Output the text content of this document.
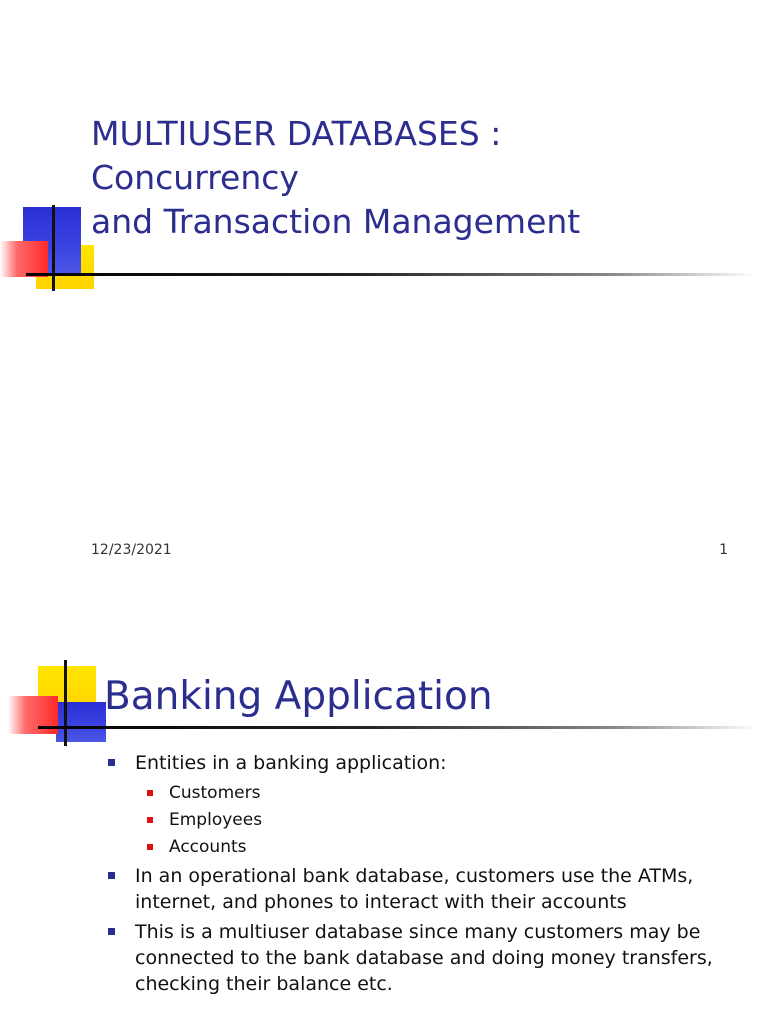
MULTIUSER DATABASES :
Concurrency
and Transaction Management
12/23/2021	1
Banking Application
Entities in a banking application:
Customers
Employees
Accounts
In an operational bank database, customers use the ATMs, internet, and phones to interact with their accounts
This is a multiuser database since many customers may be connected to the bank database and doing money transfers, checking their balance etc.
